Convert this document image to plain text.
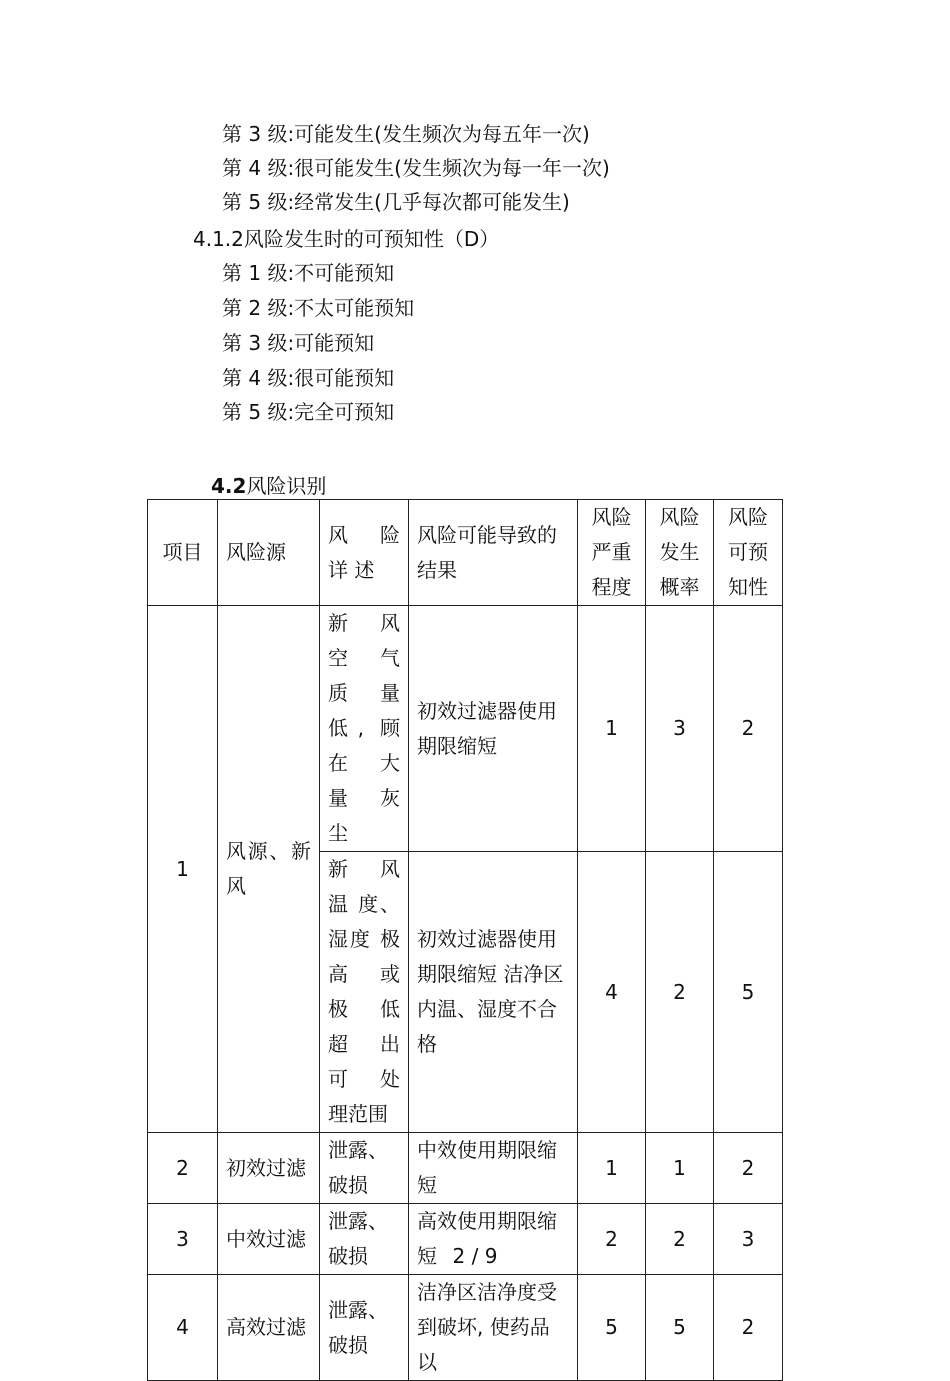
第 3 级:可能发生(发生频次为每五年一次)
第 4 级:很可能发生(发生频次为每一年一次)
第 5 级:经常发生(几乎每次都可能发生)
4.1.2风险发生时的可预知性（D）
第 1 级:不可能预知
第 2 级:不太可能预知
第 3 级:可能预知
第 4 级:很可能预知
第 5 级:完全可预知
4.2风险识别
项目	风险源	风 险 详 述	风险可能导致的结果	风险严重程度	风险发生概率	风险可预知性
1	风源、新风	新 风 空 气 质 量 低, 顾在 大 量 灰 尘	初效过滤器使用期限缩短	1	3	2
		新 风 温 度、湿度 极 高 或 极 低 超 出 可 处 理范围	初效过滤器使用期限缩短 洁净区内温、湿度不合格	4	2	5
2	初效过滤	泄露、破损	中效使用期限缩短	1	1	2
3	中效过滤	泄露、破损	高效使用期限缩短	2	2	3
4	高效过滤	泄露、破损	洁净区洁净度受到破坏, 使药品以	5	5	2
2 / 9
